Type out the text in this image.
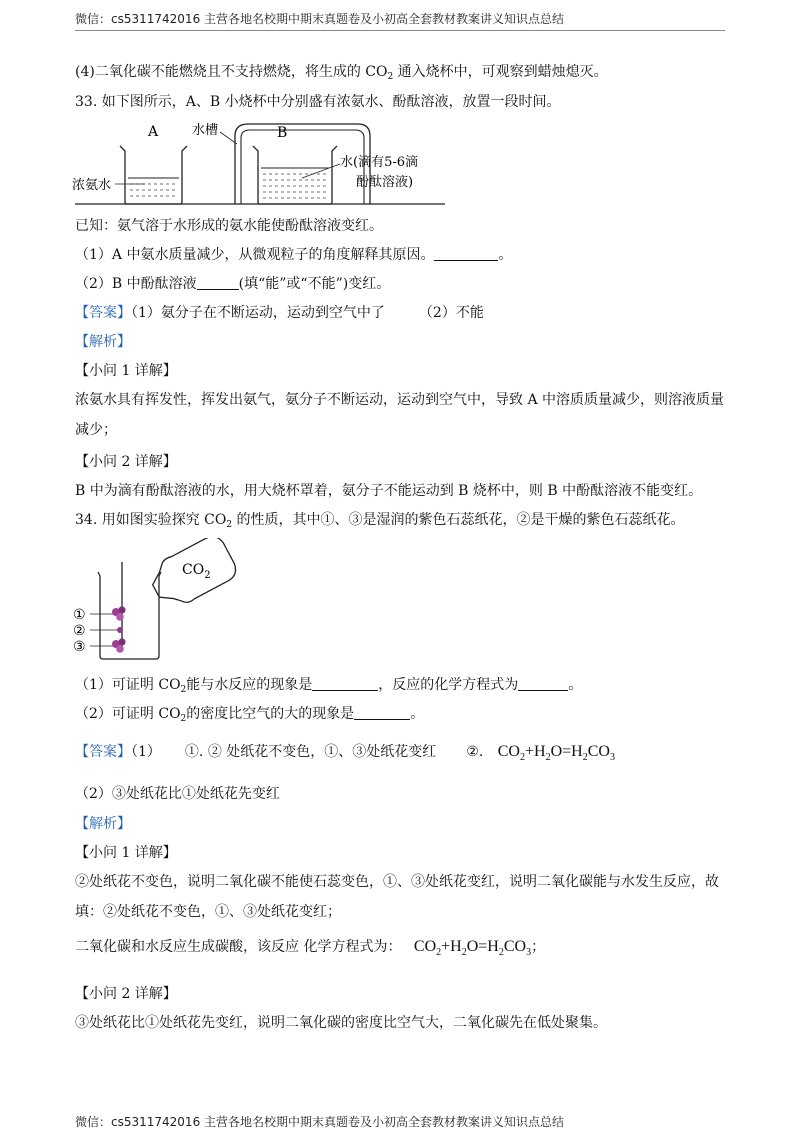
微信：cs5311742016 主营各地名校期中期末真题卷及小初高全套教材教案讲义知识点总结
(4)二氧化碳不能燃烧且不支持燃烧，将生成的 $CO_2$ 通入烧杯中，可观察到蜡烛熄灭。
33. 如下图所示，A、B 小烧杯中分别盛有浓氨水、酚酞溶液，放置一段时间。
A
浓氨水
水槽	B
水(滴有5-6滴
酚酞溶液)
已知：氨气溶于水形成的氨水能使酚酞溶液变红。
（1）A 中氨水质量减少，从微观粒子的角度解释其原因。	。
（2）B 中酚酞溶液	(填“能”或“不能”)变红。
【答案】（1）氨分子在不断运动，运动到空气中了 （2）不能
【解析】
【小问 1 详解】
浓氨水具有挥发性，挥发出氨气，氨分子不断运动，运动到空气中，导致 A 中溶质质量减少，则溶液质量
减少；
【小问 2 详解】
B 中为滴有酚酞溶液的水，用大烧杯罩着，氨分子不能运动到 B 烧杯中，则 B 中酚酞溶液不能变红。
34. 用如图实验探究 $CO_2$ 的性质，其中①、③是湿润的紫色石蕊纸花，②是干燥的紫色石蕊纸花。
$CO_2$
①
②
③
（1）可证明 $CO_2$能与水反应的现象是	，反应的化学方程式为	。
（2）可证明 $CO_2$的密度比空气的大的现象是	。
【答案】（1） ①. ② 处纸花不变色，①、③处纸花变红 ②. $CO_2+H_2O=H_2CO_3$
（2）③处纸花比①处纸花先变红
【解析】
【小问 1 详解】
②处纸花不变色，说明二氧化碳不能使石蕊变色，①、③处纸花变红，说明二氧化碳能与水发生反应，故
填：②处纸花不变色，①、③处纸花变红；
二氧化碳和水反应生成碳酸，该反应 化学方程式为： $CO_2+H_2O=H_2CO_3$；
【小问 2 详解】
③处纸花比①处纸花先变红，说明二氧化碳的密度比空气大，二氧化碳先在低处聚集。
微信：cs5311742016 主营各地名校期中期末真题卷及小初高全套教材教案讲义知识点总结
